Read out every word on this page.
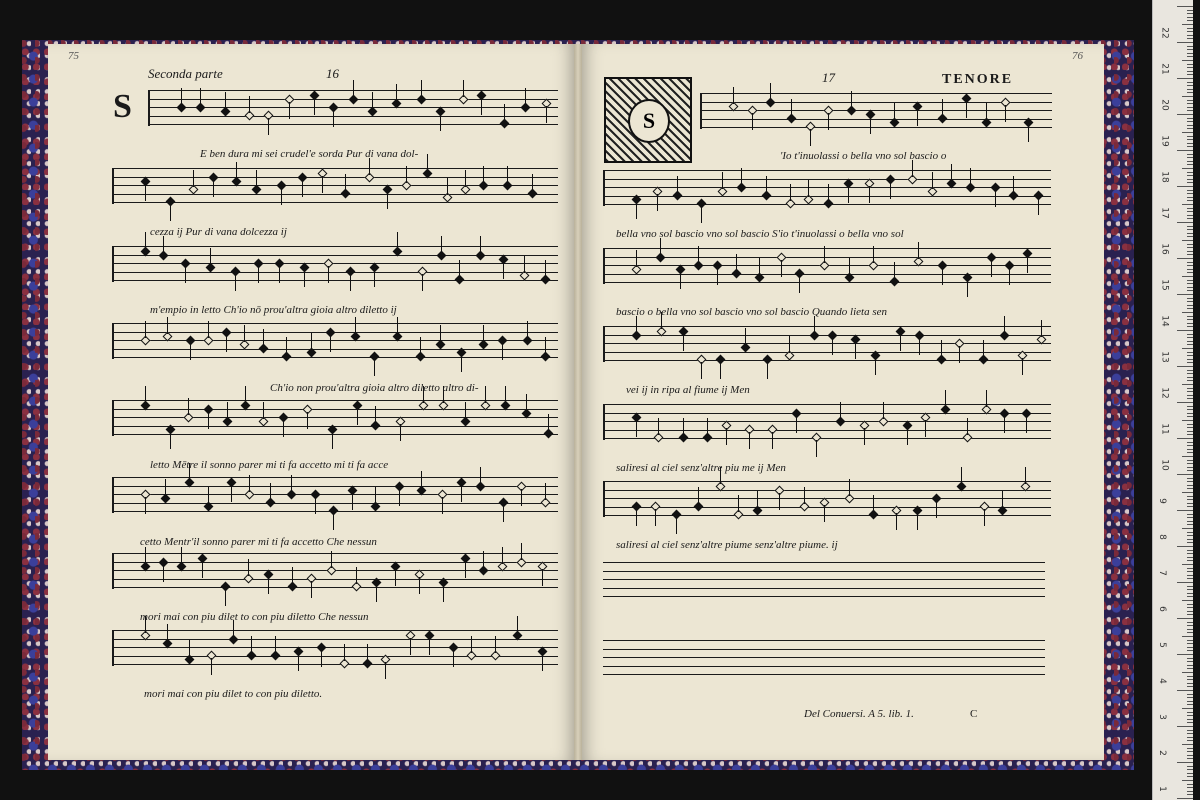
75
Seconda parte	16
S
76
17	TENORE
S
E ben dura mi sei crudel'e sorda Pur di vana dol-
cezza ij Pur di vana dolcezza ij
m'empio in letto Ch'io nō prou'altra gioia altro diletto ij
Ch'io non prou'altra gioia altro diletto altro di-
letto Mētre il sonno parer mi ti fa accetto mi ti fa acce
cetto Mentr'il sonno parer mi ti fa accetto Che nessun
mori mai con piu dilet to con piu diletto Che nessun
mori mai con piu dilet to con piu diletto.
'Io t'inuolassi o bella vno sol bascio o
bella vno sol bascio vno sol bascio S'io t'inuolassi o bella vno sol
bascio o bella vno sol bascio vno sol bascio Quando lieta sen
vei ij in ripa al fiume ij Men
saliresi al ciel senz'altre piu me ij Men
saliresi al ciel senz'altre piume senz'altre piume. ij
Del Conuersi. A 5. lib. 1.	C
22
21
20
19
18
17
16
15
14
13
12
11
10
9
8
7
6
5
4
3
2
1
